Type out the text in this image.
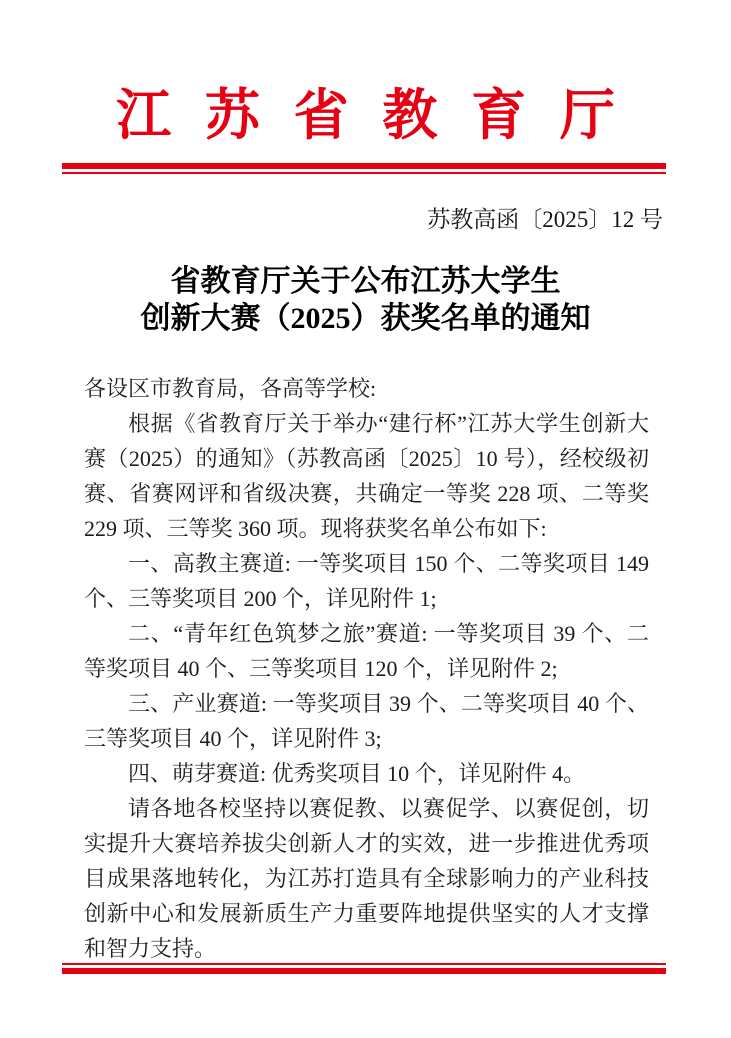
江 苏 省 教 育 厅
苏教高函〔2025〕12 号
省教育厅关于公布江苏大学生
创新大赛（2025）获奖名单的通知

各设区市教育局，各高等学校:

根据《省教育厅关于举办“建行杯”江苏大学生创新大赛（2025）的通知》（苏教高函〔2025〕10 号），经校级初赛、省赛网评和省级决赛，共确定一等奖 228 项、二等奖 229 项、三等奖 360 项。现将获奖名单公布如下:

一、高教主赛道: 一等奖项目 150 个、二等奖项目 149 个、三等奖项目 200 个，详见附件 1;

二、“青年红色筑梦之旅”赛道: 一等奖项目 39 个、二等奖项目 40 个、三等奖项目 120 个，详见附件 2;

三、产业赛道: 一等奖项目 39 个、二等奖项目 40 个、三等奖项目 40 个，详见附件 3;

四、萌芽赛道: 优秀奖项目 10 个，详见附件 4。

请各地各校坚持以赛促教、以赛促学、以赛促创，切实提升大赛培养拔尖创新人才的实效，进一步推进优秀项目成果落地转化，为江苏打造具有全球影响力的产业科技创新中心和发展新质生产力重要阵地提供坚实的人才支撑和智力支持。
